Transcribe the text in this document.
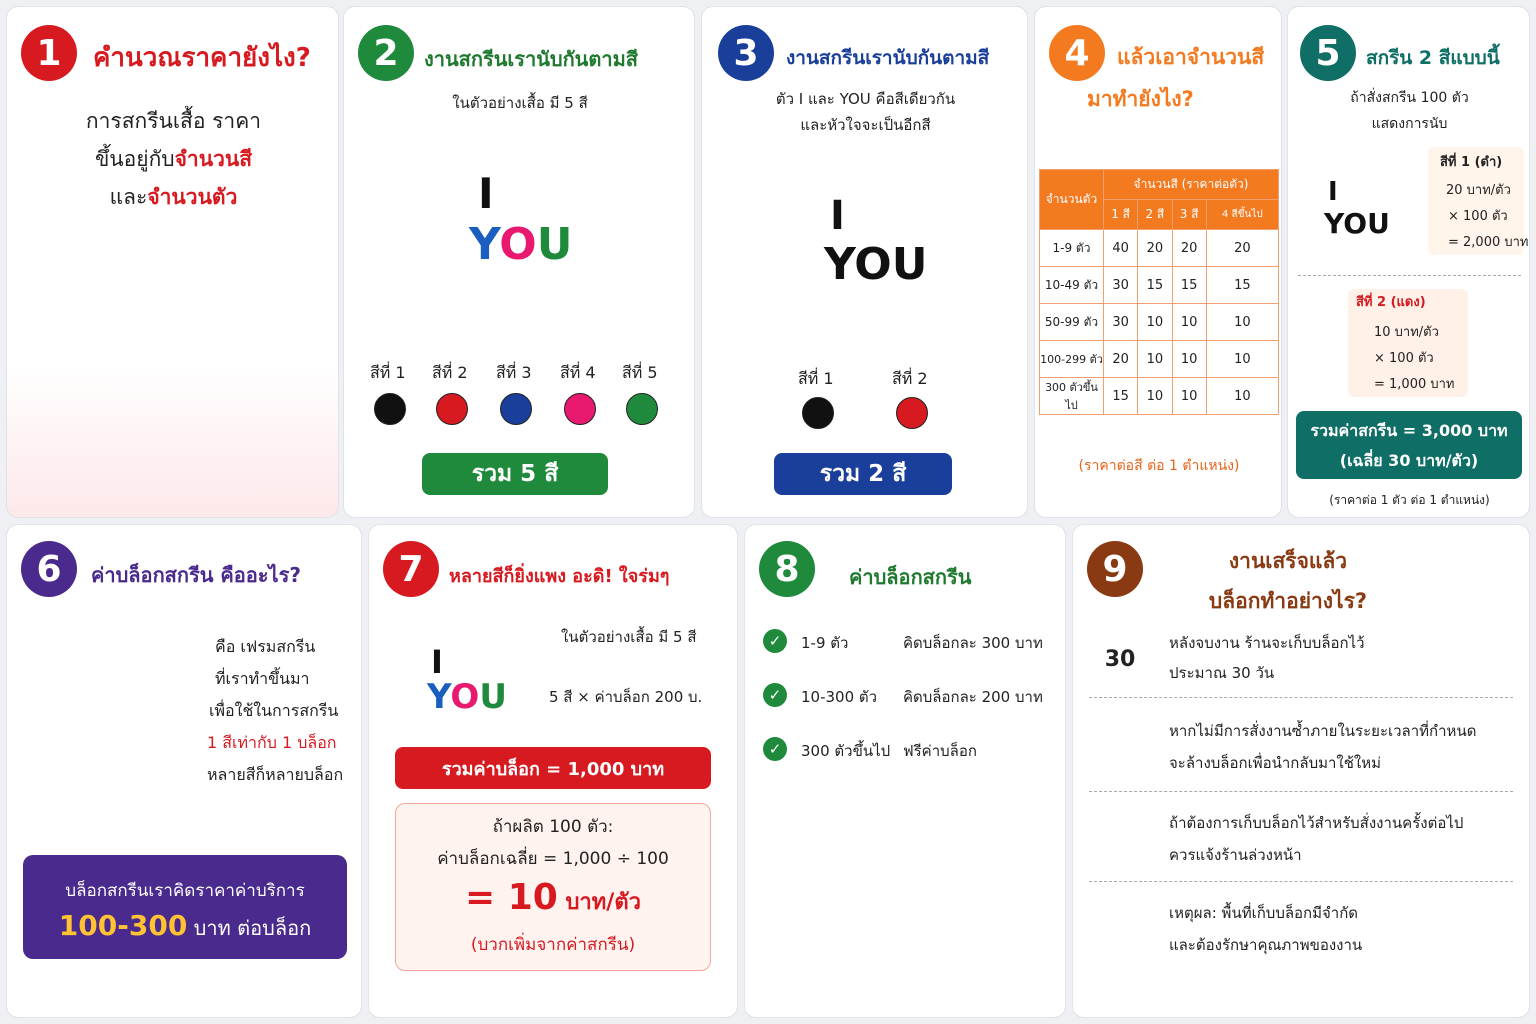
1	คำนวณราคายังไง?
การสกรีนเสื้อ ราคา
ขึ้นอยู่กับจำนวนสี
และจำนวนตัว
2	งานสกรีนเรานับกันตามสี
ในตัวอย่างเสื้อ มี 5 สี
I
YOU
สีที่ 1 สีที่ 2 สีที่ 3 สีที่ 4 สีที่ 5
รวม 5 สี
3	งานสกรีนเรานับกันตามสี
ตัว I และ YOU คือสีเดียวกัน
และหัวใจจะเป็นอีกสี
I
YOU
สีที่ 1	สีที่ 2
รวม 2 สี
4	แล้วเอาจำนวนสี
มาทำยังไง?
จำนวนตัว	จำนวนสี (ราคาต่อตัว)			
	1 สี	2 สี	3 สี	4 สีขึ้นไป
1-9 ตัว	40	20	20	20
10-49 ตัว	30	15	15	15
50-99 ตัว	30	10	10	10
100-299 ตัว	20	10	10	10
300 ตัวขึ้นไป	15	10	10	10
(ราคาต่อสี ต่อ 1 ตำแหน่ง)
5	สกรีน 2 สีแบบนี้
ถ้าสั่งสกรีน 100 ตัว
แสดงการนับ
I
YOU
สีที่ 1 (ดำ)
20 บาท/ตัว
× 100 ตัว
= 2,000 บาท
สีที่ 2 (แดง)
10 บาท/ตัว
× 100 ตัว
= 1,000 บาท
รวมค่าสกรีน = 3,000 บาท
(เฉลี่ย 30 บาท/ตัว)
(ราคาต่อ 1 ตัว ต่อ 1 ตำแหน่ง)
6	ค่าบล็อกสกรีน คืออะไร?
คือ เฟรมสกรีน
ที่เราทำขึ้นมา
เพื่อใช้ในการสกรีน
1 สีเท่ากับ 1 บล็อก
หลายสีก็หลายบล็อก
บล็อกสกรีนเราคิดราคาค่าบริการ
100-300 บาท ต่อบล็อก
7	หลายสีก็ยิ่งแพง อะดิ! ใจร่มๆ
I
YOU
ในตัวอย่างเสื้อ มี 5 สี
5 สี × ค่าบล็อก 200 บ.
รวมค่าบล็อก = 1,000 บาท
ถ้าผลิต 100 ตัว:
ค่าบล็อกเฉลี่ย = 1,000 ÷ 100
= 10 บาท/ตัว
(บวกเพิ่มจากค่าสกรีน)
8	ค่าบล็อกสกรีน
✓	1-9 ตัว	คิดบล็อกละ 300 บาท
✓	10-300 ตัว คิดบล็อกละ 200 บาท
✓	300 ตัวขึ้นไป ฟรีค่าบล็อก
9	งานเสร็จแล้ว
บล็อกทำอย่างไร?
30
หลังจบงาน ร้านจะเก็บบล็อกไว้
ประมาณ 30 วัน
หากไม่มีการสั่งงานซ้ำภายในระยะเวลาที่กำหนด
จะล้างบล็อกเพื่อนำกลับมาใช้ใหม่
ถ้าต้องการเก็บบล็อกไว้สำหรับสั่งงานครั้งต่อไป
ควรแจ้งร้านล่วงหน้า
เหตุผล: พื้นที่เก็บบล็อกมีจำกัด
และต้องรักษาคุณภาพของงาน
